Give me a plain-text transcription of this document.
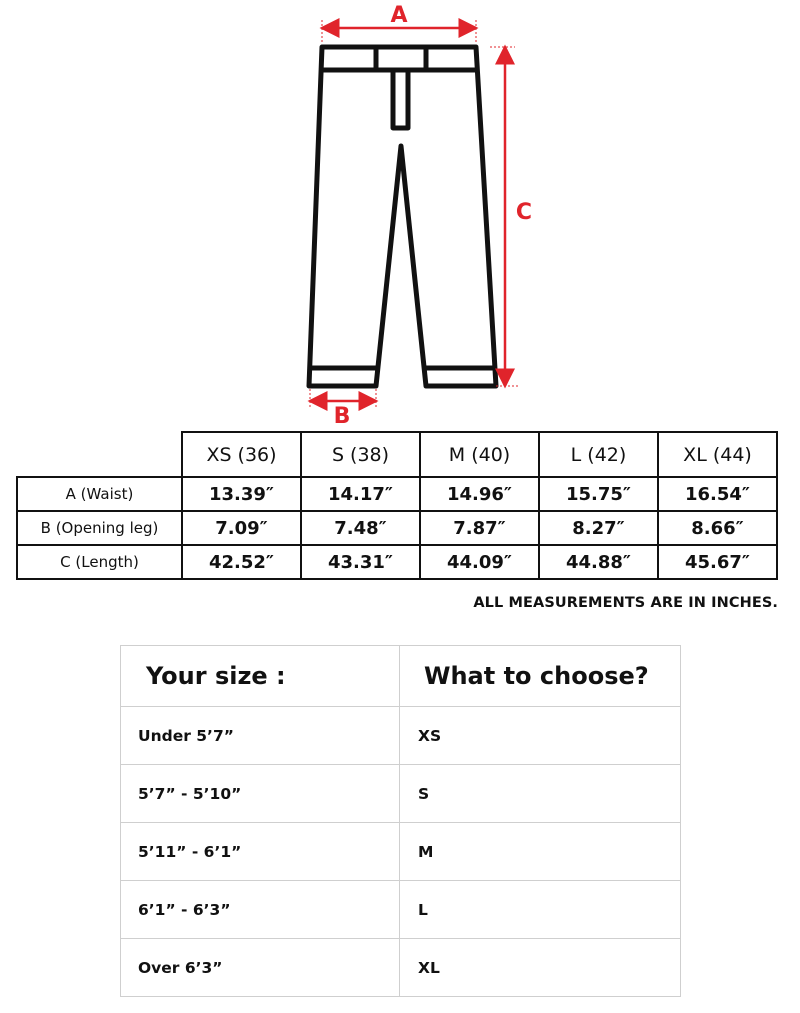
A
C
B
	XS (36)	S (38)	M (40)	L (42)	XL (44)
A (Waist)	13.39″	14.17″	14.96″	15.75″	16.54″
B (Opening leg)	7.09″	7.48″	7.87″	8.27″	8.66″
C (Length)	42.52″	43.31″	44.09″	44.88″	45.67″
ALL MEASUREMENTS ARE IN INCHES.
Your size :	What to choose?
Under 5’7”	XS
5’7” - 5’10”	S
5’11” - 6’1”	M
6’1” - 6’3”	L
Over 6’3”	XL
